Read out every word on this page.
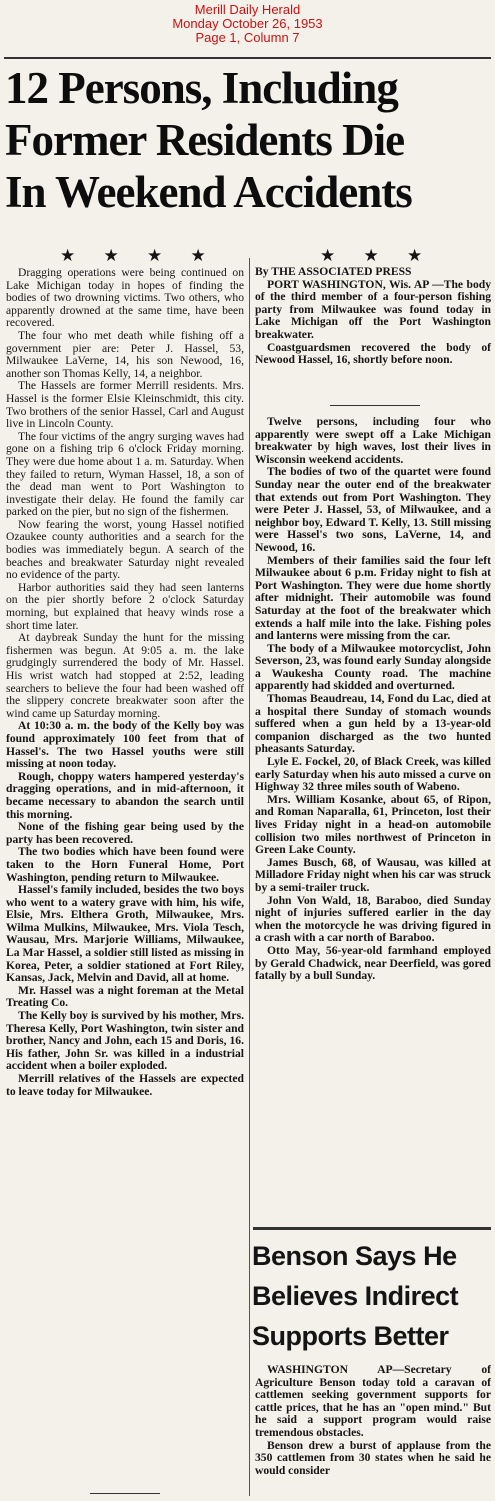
Merill Daily Herald
Monday October 26, 1953
Page 1, Column 7
12 Persons, Including
Former Residents Die
In Weekend Accidents
★ ★ ★ ★	★ ★ ★

Dragging operations were being continued on Lake Michigan today in hopes of finding the bodies of two drowning victims. Two others, who apparently drowned at the same time, have been recovered.

The four who met death while fishing off a government pier are: Peter J. Hassel, 53, Milwaukee LaVerne, 14, his son Newood, 16, another son Thomas Kelly, 14, a neighbor.

The Hassels are former Merrill residents. Mrs. Hassel is the former Elsie Kleinschmidt, this city. Two brothers of the senior Hassel, Carl and August live in Lincoln County.

The four victims of the angry surging waves had gone on a fishing trip 6 o'clock Friday morning. They were due home about 1 a. m. Saturday. When they failed to return, Wyman Hassel, 18, a son of the dead man went to Port Washington to investigate their delay. He found the family car parked on the pier, but no sign of the fishermen.

Now fearing the worst, young Hassel notified Ozaukee county authorities and a search for the bodies was immediately begun. A search of the beaches and breakwater Saturday night revealed no evidence of the party.

Harbor authorities said they had seen lanterns on the pier shortly before 2 o'clock Saturday morning, but explained that heavy winds rose a short time later.

At daybreak Sunday the hunt for the missing fishermen was begun. At 9:05 a. m. the lake grudgingly surrendered the body of Mr. Hassel. His wrist watch had stopped at 2:52, leading searchers to believe the four had been washed off the slippery concrete breakwater soon after the wind came up Saturday morning.

At 10:30 a. m. the body of the Kelly boy was found approximately 100 feet from that of Hassel's. The two Hassel youths were still missing at noon today.

Rough, choppy waters hampered yesterday's dragging operations, and in mid-afternoon, it became necessary to abandon the search until this morning.

None of the fishing gear being used by the party has been recovered.

The two bodies which have been found were taken to the Horn Funeral Home, Port Washington, pending return to Milwaukee.

Hassel's family included, besides the two boys who went to a watery grave with him, his wife, Elsie, Mrs. Elthera Groth, Milwaukee, Mrs. Wilma Mulkins, Milwaukee, Mrs. Viola Tesch, Wausau, Mrs. Marjorie Williams, Milwaukee, La Mar Hassel, a soldier still listed as missing in Korea, Peter, a soldier stationed at Fort Riley, Kansas, Jack, Melvin and David, all at home.

Mr. Hassel was a night foreman at the Metal Treating Co.

The Kelly boy is survived by his mother, Mrs. Theresa Kelly, Port Washington, twin sister and brother, Nancy and John, each 15 and Doris, 16. His father, John Sr. was killed in a industrial accident when a boiler exploded.

Merrill relatives of the Hassels are expected to leave today for Milwaukee.

By THE ASSOCIATED PRESS

PORT WASHINGTON, Wis. AP —The body of the third member of a four-person fishing party from Milwaukee was found today in Lake Michigan off the Port Washington breakwater.

Coastguardsmen recovered the body of Newood Hassel, 16, shortly before noon.

Twelve persons, including four who apparently were swept off a Lake Michigan breakwater by high waves, lost their lives in Wisconsin weekend accidents.

The bodies of two of the quartet were found Sunday near the outer end of the breakwater that extends out from Port Washington. They were Peter J. Hassel, 53, of Milwaukee, and a neighbor boy, Edward T. Kelly, 13. Still missing were Hassel's two sons, LaVerne, 14, and Newood, 16.

Members of their families said the four left Milwaukee about 6 p.m. Friday night to fish at Port Washington. They were due home shortly after midnight. Their automobile was found Saturday at the foot of the breakwater which extends a half mile into the lake. Fishing poles and lanterns were missing from the car.

The body of a Milwaukee motorcyclist, John Severson, 23, was found early Sunday alongside a Waukesha County road. The machine apparently had skidded and overturned.

Thomas Beaudreau, 14, Fond du Lac, died at a hospital there Sunday of stomach wounds suffered when a gun held by a 13-year-old companion discharged as the two hunted pheasants Saturday.

Lyle E. Fockel, 20, of Black Creek, was killed early Saturday when his auto missed a curve on Highway 32 three miles south of Wabeno.

Mrs. William Kosanke, about 65, of Ripon, and Roman Naparalla, 61, Princeton, lost their lives Friday night in a head-on automobile collision two miles northwest of Princeton in Green Lake County.

James Busch, 68, of Wausau, was killed at Milladore Friday night when his car was struck by a semi-trailer truck.

John Von Wald, 18, Baraboo, died Sunday night of injuries suffered earlier in the day when the motorcycle he was driving figured in a crash with a car north of Baraboo.

Otto May, 56-year-old farmhand employed by Gerald Chadwick, near Deerfield, was gored fatally by a bull Sunday.

Benson Says He
Believes Indirect
Supports Better

WASHINGTON AP—Secretary of Agriculture Benson today told a caravan of cattlemen seeking government supports for cattle prices, that he has an "open mind." But he said a support program would raise tremendous obstacles.

Benson drew a burst of applause from the 350 cattlemen from 30 states when he said he would consider
